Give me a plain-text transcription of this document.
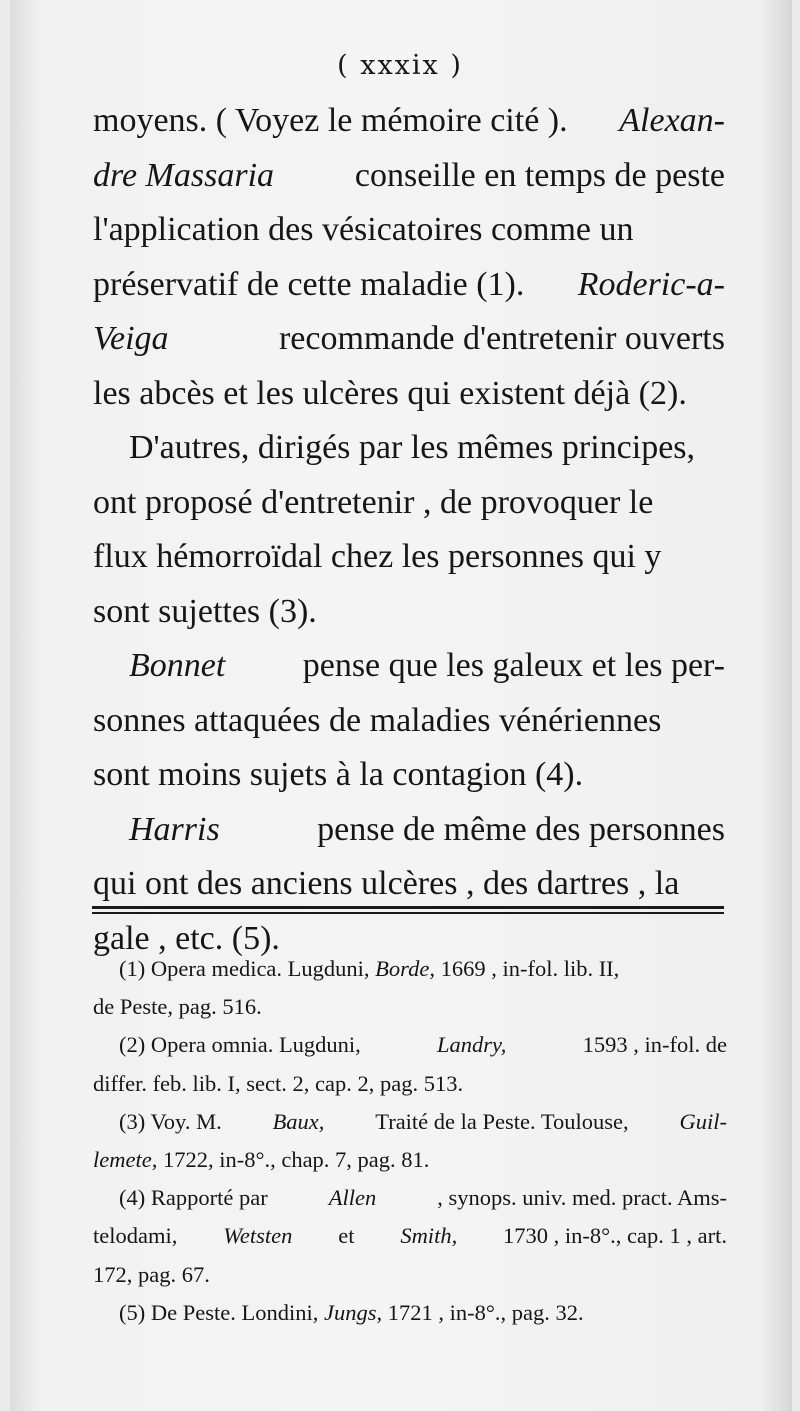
( xxxix )
moyens. ( Voyez le mémoire cité ). Alexan-
dre Massaria conseille en temps de peste
l'application des vésicatoires comme un
préservatif de cette maladie (1). Roderic-a-
Veiga	recommande d'entretenir ouverts
les abcès et les ulcères qui existent déjà (2).
D'autres, dirigés par les mêmes principes,
ont proposé d'entretenir , de provoquer le
flux hémorroïdal chez les personnes qui y
sont sujettes (3).
Bonnet pense que les galeux et les per-
sonnes attaquées de maladies vénériennes
sont moins sujets à la contagion (4).
Harris	pense de même des personnes
qui ont des anciens ulcères , des dartres , la
gale , etc. (5).
(1) Opera medica. Lugduni, Borde, 1669 , in-fol. lib. II,
de Peste, pag. 516.
(2) Opera omnia. Lugduni,	Landry,	1593 , in-fol. de
differ. feb. lib. I, sect. 2, cap. 2, pag. 513.
(3) Voy. M. Baux, Traité de la Peste. Toulouse, Guil-
lemete, 1722, in-8°., chap. 7, pag. 81.
(4) Rapporté par	Allen	, synops. univ. med. pract. Ams-
telodami, Wetsten et Smith, 1730 , in-8°., cap. 1 , art.
172, pag. 67.
(5) De Peste. Londini, Jungs, 1721 , in-8°., pag. 32.
